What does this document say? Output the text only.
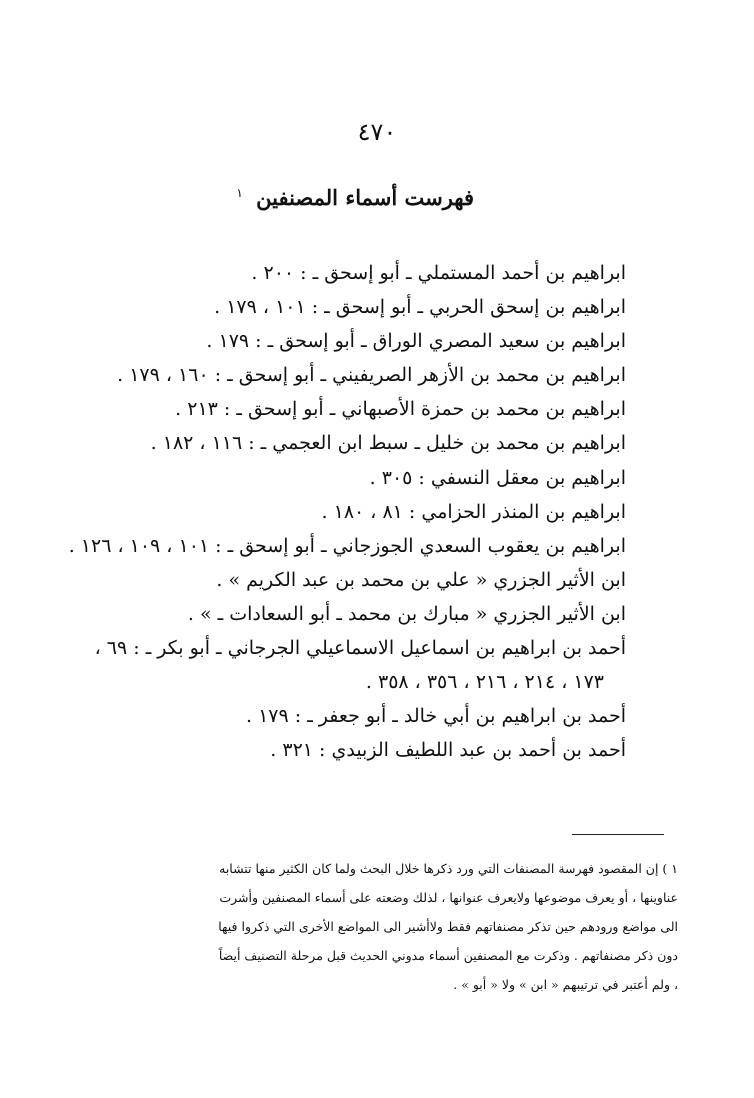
٤٧٠
فهرست أسماء المصنفين $^١$
ابراهيم بن أحمد المستملي ـ أبو إسحق ـ : ٢٠٠ .
ابراهيم بن إسحق الحربي ـ أبو إسحق ـ : ١٠١ ، ١٧٩ .
ابراهيم بن سعيد المصري الوراق ـ أبو إسحق ـ : ١٧٩ .
ابراهيم بن محمد بن الأزهر الصريفيني ـ أبو إسحق ـ : ١٦٠ ، ١٧٩ .
ابراهيم بن محمد بن حمزة الأصبهاني ـ أبو إسحق ـ : ٢١٣ .
ابراهيم بن محمد بن خليل ـ سبط ابن العجمي ـ : ١١٦ ، ١٨٢ .
ابراهيم بن معقل النسفي : ٣٠٥ .
ابراهيم بن المنذر الحزامي : ٨١ ، ١٨٠ .
ابراهيم بن يعقوب السعدي الجوزجاني ـ أبو إسحق ـ : ١٠١ ، ١٠٩ ، ١٢٦ .
ابن الأثير الجزري « علي بن محمد بن عبد الكريم » .
ابن الأثير الجزري « مبارك بن محمد ـ أبو السعادات ـ » .
أحمد بن ابراهيم بن اسماعيل الاسماعيلي الجرجاني ـ أبو بكر ـ : ٦٩ ،
١٧٣ ، ٢١٤ ، ٢١٦ ، ٣٥٦ ، ٣٥٨ .
أحمد بن ابراهيم بن أبي خالد ـ أبو جعفر ـ : ١٧٩ .
أحمد بن أحمد بن عبد اللطيف الزبيدي : ٣٢١ .
١ )إن المقصود فهرسة المصنفات التي ورد ذكرها خلال البحث ولما كان الكثير منها تتشابه
عناوينها ، أو يعرف موضوعها ولايعرف عنوانها ، لذلك وضعته على أسماء المصنفين وأشرت
الى مواضع ورودهم حين تذكر مصنفاتهم فقط ولاأشير الى المواضع الأخرى التي ذكروا فيها
دون ذكر مصنفاتهم . وذكرت مع المصنفين أسماء مدوني الحديث قبل مرحلة التصنيف أيضاً
، ولم أعتبر في ترتيبهم « ابن » ولا « أبو » .
